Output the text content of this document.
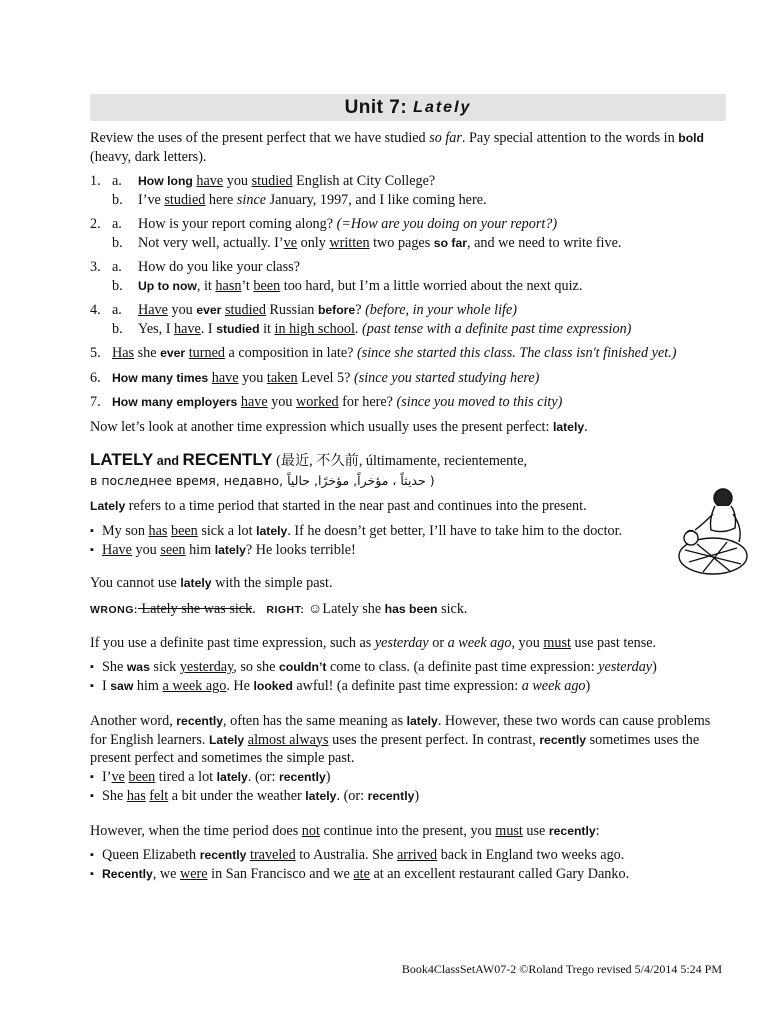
Unit 7: Lately

Review the uses of the present perfect that we have studied so far. Pay special attention to the words in bold (heavy, dark letters).

1. a.	How long have you studied English at City College?
b.	I’ve studied here since January, 1997, and I like coming here.
2. a.	How is your report coming along? (=How are you doing on your report?)
b.	Not very well, actually. I’ve only written two pages so far, and we need to write five.
3. a.	How do you like your class?
b.	Up to now, it hasn’t been too hard, but I’m a little worried about the next quiz.
4. a.	Have you ever studied Russian before? (before, in your whole life)
b.	Yes, I have. I studied it in high school. (past tense with a definite past time expression)
5. Has she ever turned a composition in late? (since she started this class. The class isn't finished yet.)
6. How many times have you taken Level 5? (since you started studying here)
7. How many employers have you worked for here? (since you moved to this city)

Now let’s look at another time expression which usually uses the present perfect: lately.

LATELY and RECENTLY (最近, 不久前, últimamente, recientemente,
в последнее время, недавно, حديثاً ، مؤخراً, مؤخرًا, حالياً )

Lately refers to a time period that started in the near past and continues into the present.

▪ My son has been sick a lot lately. If he doesn’t get better, I’ll have to take him to the doctor.
▪ Have you seen him lately? He looks terrible!

You cannot use lately with the simple past.

WRONG: Lately she was sick. RIGHT: ☺Lately she has been sick.

If you use a definite past time expression, such as yesterday or a week ago, you must use past tense.

▪ She was sick yesterday, so she couldn’t come to class. (a definite past time expression: yesterday)
▪ I saw him a week ago. He looked awful! (a definite past time expression: a week ago)

Another word, recently, often has the same meaning as lately. However, these two words can cause problems for English learners. Lately almost always uses the present perfect. In contrast, recently sometimes uses the present perfect and sometimes the simple past.

▪ I’ve been tired a lot lately. (or: recently)
▪ She has felt a bit under the weather lately. (or: recently)

However, when the time period does not continue into the present, you must use recently:

▪ Queen Elizabeth recently traveled to Australia. She arrived back in England two weeks ago.
▪ Recently, we were in San Francisco and we ate at an excellent restaurant called Gary Danko.
Book4ClassSetAW07-2 ©Roland Trego revised 5/4/2014 5:24 PM
